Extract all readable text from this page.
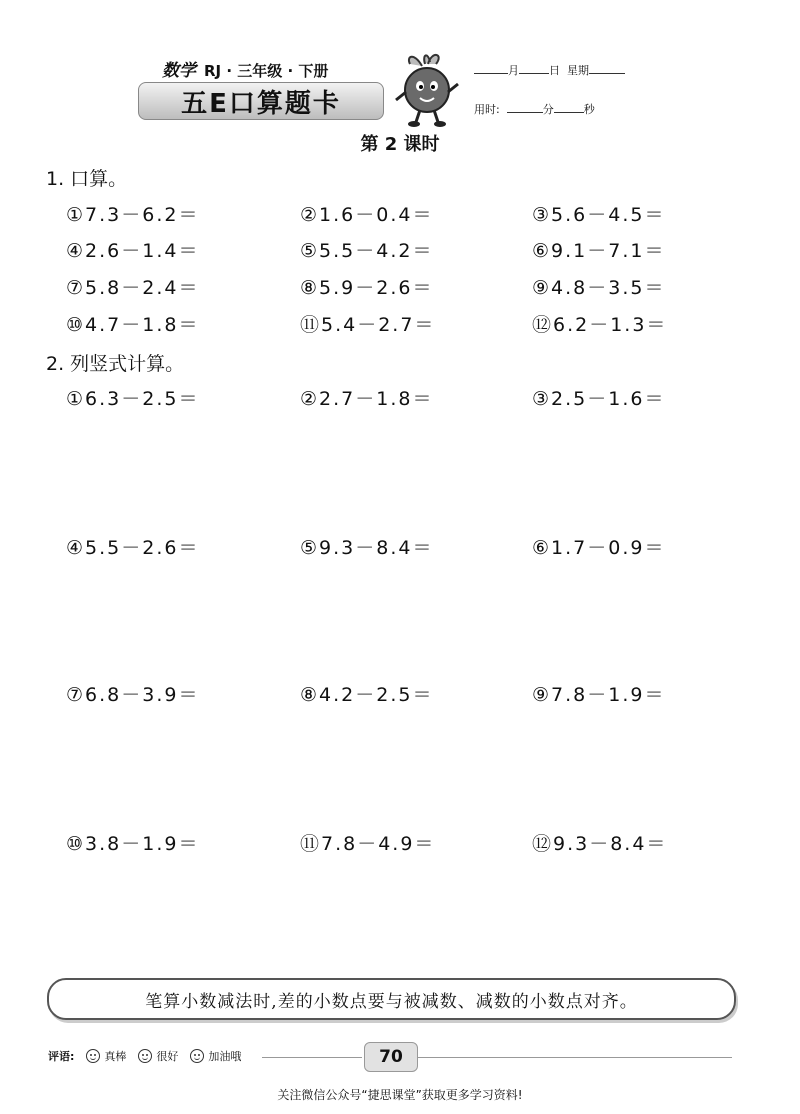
数学 RJ · 三年级 · 下册
五E口算题卡
月	日 星期
用时:	分	秒
第 2 课时
1. 口算。
①7.3－6.2＝	②1.6－0.4＝	③5.6－4.5＝
④2.6－1.4＝	⑤5.5－4.2＝	⑥9.1－7.1＝
⑦5.8－2.4＝	⑧5.9－2.6＝	⑨4.8－3.5＝
⑩4.7－1.8＝	⑪5.4－2.7＝	⑫6.2－1.3＝
2. 列竖式计算。
①6.3－2.5＝	②2.7－1.8＝	③2.5－1.6＝
④5.5－2.6＝	⑤9.3－8.4＝	⑥1.7－0.9＝
⑦6.8－3.9＝	⑧4.2－2.5＝	⑨7.8－1.9＝
⑩3.8－1.9＝	⑪7.8－4.9＝	⑫9.3－8.4＝
笔算小数减法时,差的小数点要与被减数、减数的小数点对齐。
评语:	真棒	很好	加油哦	70
关注微信公众号“捷思课堂”获取更多学习资料!
